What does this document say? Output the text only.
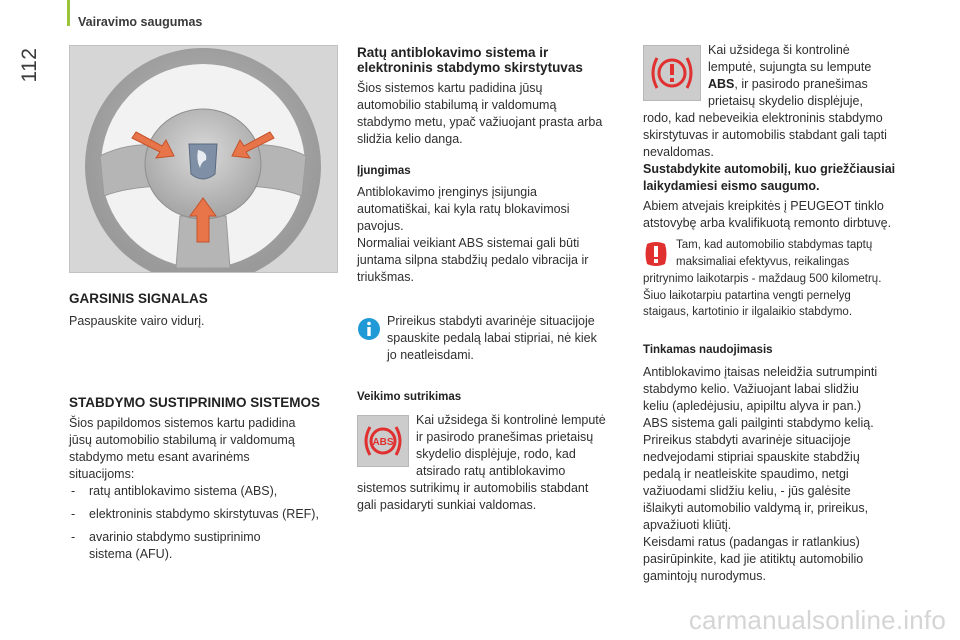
112
Vairavimo saugumas
GARSINIS SIGNALAS

Paspauskite vairo vidurį.

STABDYMO SUSTIPRINIMO SISTEMOS

Šios papildomos sistemos kartu padidina

jūsų automobilio stabilumą ir valdomumą

stabdymo metu esant avarinėms

situacijoms:

- ratų antiblokavimo sistema (ABS),
- elektroninis stabdymo skirstytuvas (REF),
- avarinio stabdymo sustiprinimo
sistema (AFU).
Ratų antiblokavimo sistema ir
elektroninis stabdymo skirstytuvas

Šios sistemos kartu padidina jūsų

automobilio stabilumą ir valdomumą

stabdymo metu, ypač važiuojant prasta arba

slidžia kelio danga.

Įjungimas

Antiblokavimo įrenginys įsijungia

automatiškai, kai kyla ratų blokavimosi

pavojus.

Normaliai veikiant ABS sistemai gali būti

juntama silpna stabdžių pedalo vibracija ir

triukšmas.

Prireikus stabdyti avarinėje situacijoje

spauskite pedalą labai stipriai, nė kiek

jo neatleisdami.

Veikimo sutrikimas
ABS

Kai užsidega ši kontrolinė lemputė

ir pasirodo pranešimas prietaisų

skydelio displėjuje, rodo, kad

atsirado ratų antiblokavimo

sistemos sutrikimų ir automobilis stabdant

gali pasidaryti sunkiai valdomas.

Kai užsidega ši kontrolinė

lemputė, sujungta su lempute

ABS, ir pasirodo pranešimas

prietaisų skydelio displėjuje,

rodo, kad nebeveikia elektroninis stabdymo

skirstytuvas ir automobilis stabdant gali tapti

nevaldomas.

Sustabdykite automobilį, kuo griežčiausiai

laikydamiesi eismo saugumo.

Abiem atvejais kreipkitės į PEUGEOT tinklo

atstovybę arba kvalifikuotą remonto dirbtuvę.

Tam, kad automobilio stabdymas taptų

maksimaliai efektyvus, reikalingas

pritrynimo laikotarpis - maždaug 500 kilometrų.

Šiuo laikotarpiu patartina vengti pernelyg

staigaus, kartotinio ir ilgalaikio stabdymo.

Tinkamas naudojimasis

Antiblokavimo įtaisas neleidžia sutrumpinti

stabdymo kelio. Važiuojant labai slidžiu

keliu (apledėjusiu, apipiltu alyva ir pan.)

ABS sistema gali pailginti stabdymo kelią.

Prireikus stabdyti avarinėje situacijoje

nedvejodami stipriai spauskite stabdžių

pedalą ir neatleiskite spaudimo, netgi

važiuodami slidžiu keliu, - jūs galėsite

išlaikyti automobilio valdymą ir, prireikus,

apvažiuoti kliūtį.

Keisdami ratus (padangas ir ratlankius)

pasirūpinkite, kad jie atitiktų automobilio

gamintojų nurodymus.

carmanualsonline.info
